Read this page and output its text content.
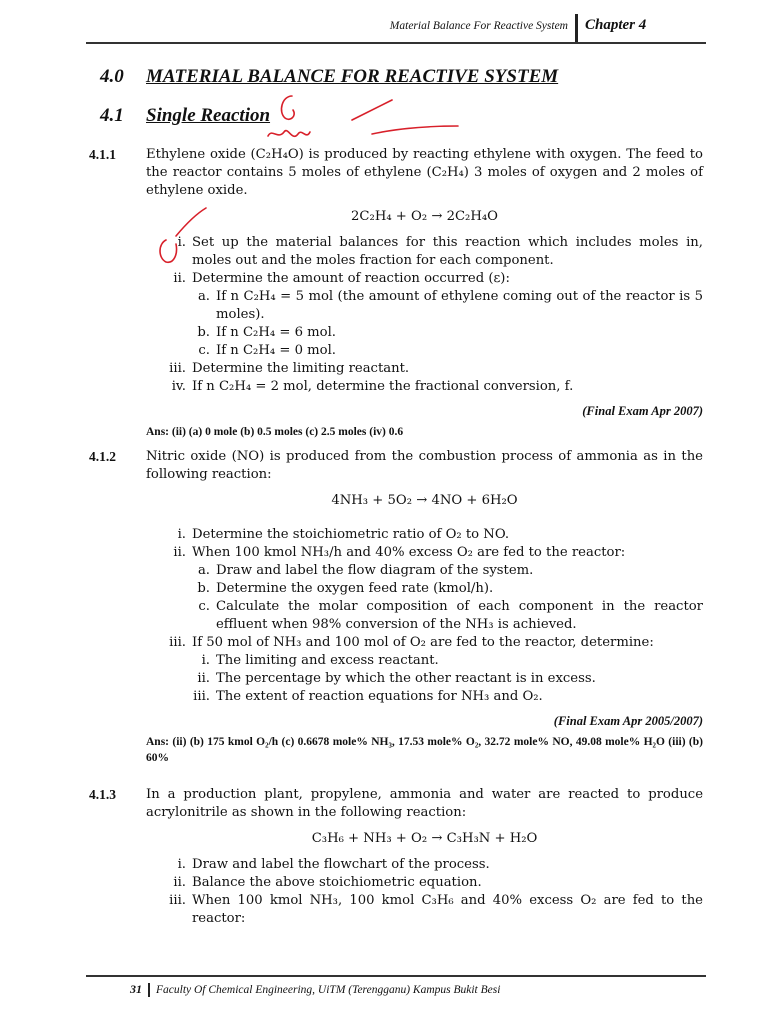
Material Balance For Reactive System Chapter 4
4.0 MATERIAL BALANCE FOR REACTIVE SYSTEM
4.1 Single Reaction
4.1.1 Ethylene oxide (C₂H₄O) is produced by reacting ethylene with oxygen. The feed to the reactor contains 5 moles of ethylene (C₂H₄) 3 moles of oxygen and 2 moles of ethylene oxide.
2C₂H₄ + O₂ → 2C₂H₄O
i. Set up the material balances for this reaction which includes moles in, moles out and the moles fraction for each component.
ii. Determine the amount of reaction occurred (ε):
a. If n C₂H₄ = 5 mol (the amount of ethylene coming out of the reactor is 5 moles).
b. If n C₂H₄ = 6 mol.
c. If n C₂H₄ = 0 mol.
iii. Determine the limiting reactant.
iv. If n C₂H₄ = 2 mol, determine the fractional conversion, f.
(Final Exam Apr 2007)
Ans: (ii) (a) 0 mole (b) 0.5 moles (c) 2.5 moles (iv) 0.6
4.1.2 Nitric oxide (NO) is produced from the combustion process of ammonia as in the following reaction:
4NH₃ + 5O₂ → 4NO + 6H₂O
i. Determine the stoichiometric ratio of O₂ to NO.
ii. When 100 kmol NH₃/h and 40% excess O₂ are fed to the reactor:
a. Draw and label the flow diagram of the system.
b. Determine the oxygen feed rate (kmol/h).
c. Calculate the molar composition of each component in the reactor effluent when 98% conversion of the NH₃ is achieved.
iii. If 50 mol of NH₃ and 100 mol of O₂ are fed to the reactor, determine:
i. The limiting and excess reactant.
ii. The percentage by which the other reactant is in excess.
iii. The extent of reaction equations for NH₃ and O₂.
(Final Exam Apr 2005/2007)
Ans: (ii) (b) 175 kmol O₂/h (c) 0.6678 mole% NH₃, 17.53 mole% O₂, 32.72 mole% NO, 49.08 mole% H₂O (iii) (b) 60%
4.1.3 In a production plant, propylene, ammonia and water are reacted to produce acrylonitrile as shown in the following reaction:
C₃H₆ + NH₃ + O₂ → C₃H₃N + H₂O
i. Draw and label the flowchart of the process.
ii. Balance the above stoichiometric equation.
iii. When 100 kmol NH₃, 100 kmol C₃H₆ and 40% excess O₂ are fed to the reactor:
31 Faculty Of Chemical Engineering, UiTM (Terengganu) Kampus Bukit Besi
